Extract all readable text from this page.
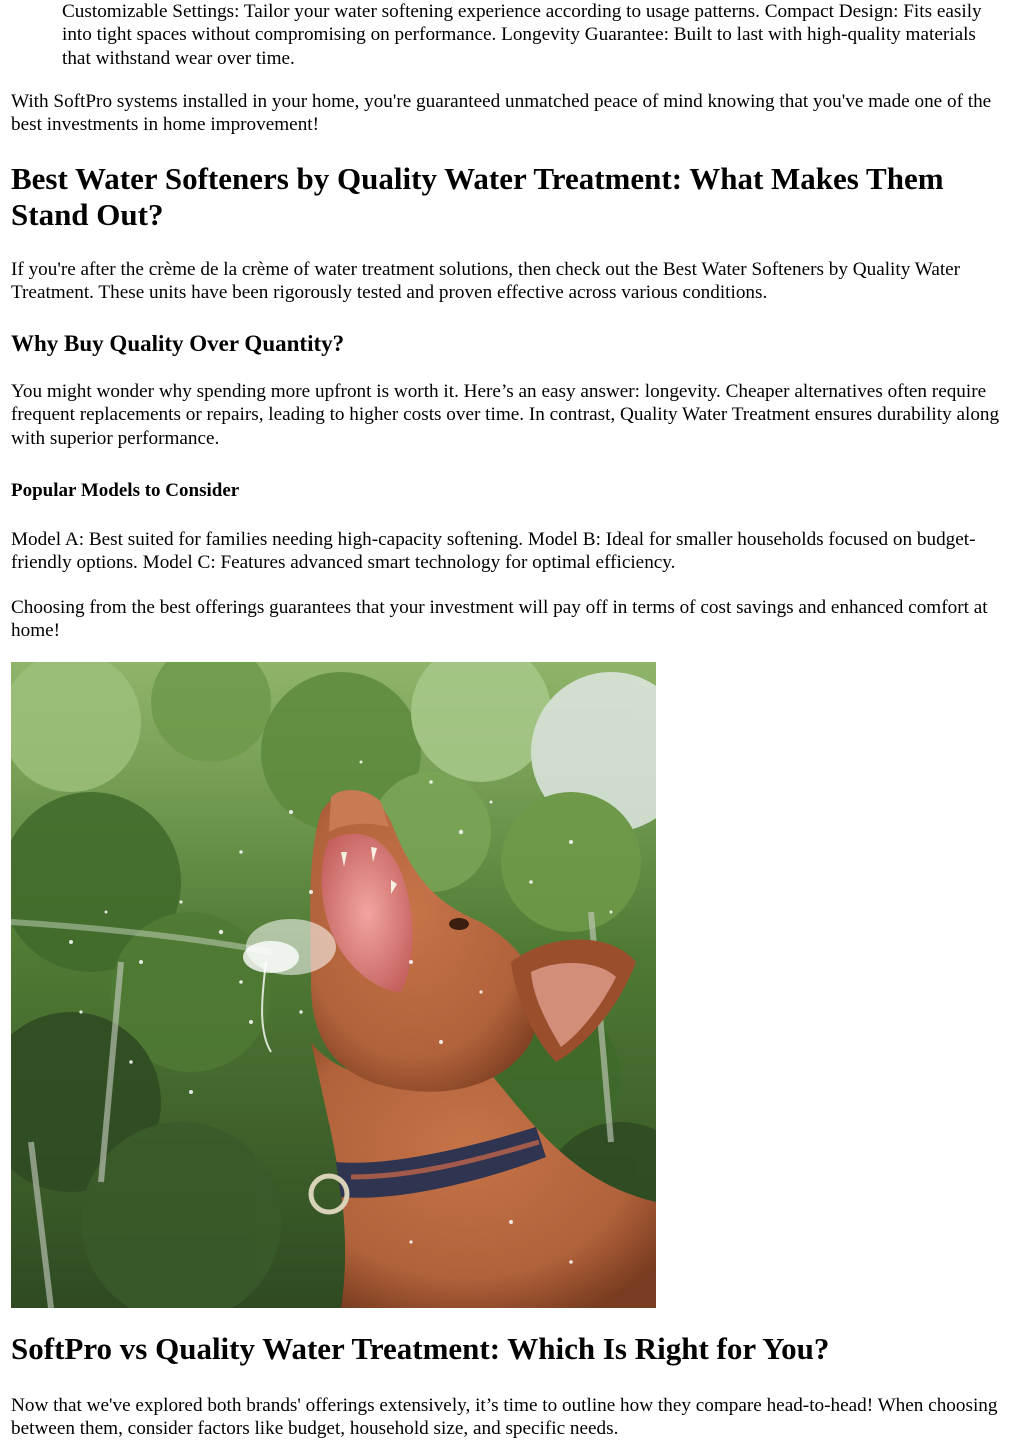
Customizable Settings: Tailor your water softening experience according to usage patterns. Compact Design: Fits easily into tight spaces without compromising on performance. Longevity Guarantee: Built to last with high-quality materials that withstand wear over time.

With SoftPro systems installed in your home, you're guaranteed unmatched peace of mind knowing that you've made one of the best investments in home improvement!

Best Water Softeners by Quality Water Treatment: What Makes Them Stand Out?

If you're after the crème de la crème of water treatment solutions, then check out the Best Water Softeners by Quality Water Treatment. These units have been rigorously tested and proven effective across various conditions.

Why Buy Quality Over Quantity?

You might wonder why spending more upfront is worth it. Here’s an easy answer: longevity. Cheaper alternatives often require frequent replacements or repairs, leading to higher costs over time. In contrast, Quality Water Treatment ensures durability along with superior performance.

Popular Models to Consider

Model A: Best suited for families needing high-capacity softening. Model B: Ideal for smaller households focused on budget-friendly options. Model C: Features advanced smart technology for optimal efficiency.

Choosing from the best offerings guarantees that your investment will pay off in terms of cost savings and enhanced comfort at home!

SoftPro vs Quality Water Treatment: Which Is Right for You?

Now that we've explored both brands' offerings extensively, it’s time to outline how they compare head-to-head! When choosing between them, consider factors like budget, household size, and specific needs.
